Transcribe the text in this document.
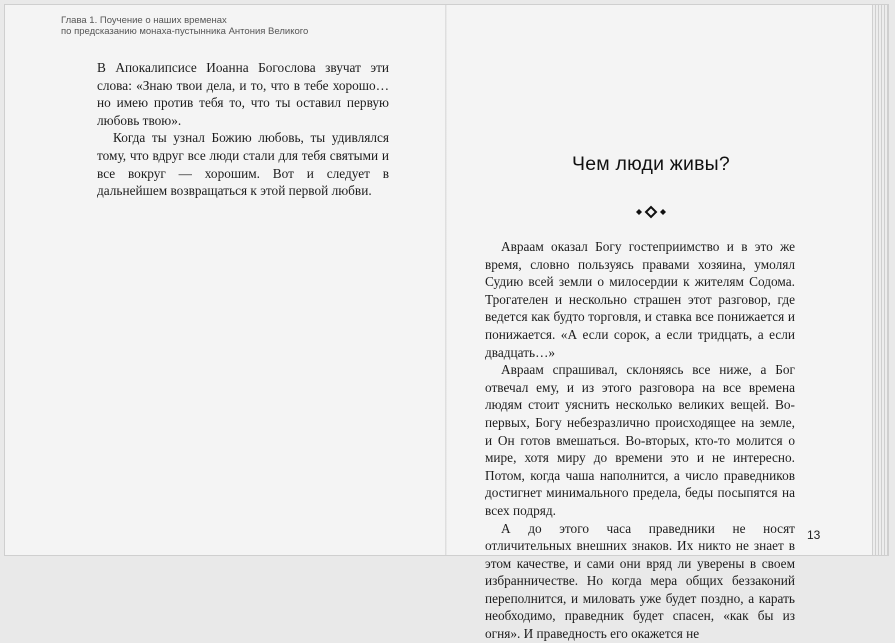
Глава 1. Поучение о наших временах
по предсказанию монаха-пустынника Антония Великого

В Апокалипсисе Иоанна Богослова звучат эти слова: «Знаю твои дела, и то, что в тебе хорошо… но имею против тебя то, что ты оставил первую любовь твою».

Когда ты узнал Божию любовь, ты удивлялся тому, что вдруг все люди стали для тебя святыми и все вокруг — хорошим. Вот и следует в дальнейшем возвращаться к этой первой любви.

Чем люди живы?

Авраам оказал Богу гостеприимство и в это же время, словно пользуясь правами хозяина, умолял Судию всей земли о милосердии к жителям Содома. Трогателен и нескольно страшен этот разговор, где ведется как будто торговля, и ставка все понижается и понижается. «А если сорок, а если тридцать, а если двадцать…»

Авраам спрашивал, склоняясь все ниже, а Бог отвечал ему, и из этого разговора на все времена людям стоит уяснить несколько великих вещей. Во-первых, Богу небезразлично происходящее на земле, и Он готов вмешаться. Во-вторых, кто-то молится о мире, хотя миру до времени это и не интересно. Потом, когда чаша наполнится, а число праведников достигнет минимального предела, беды посыпятся на всех подряд.

А до этого часа праведники не носят отличительных внешних знаков. Их никто не знает в этом качестве, и сами они вряд ли уверены в своем избранничестве. Но когда мера общих беззаконий переполнится, и миловать уже будет поздно, а карать необходимо, праведник будет спасен, «как бы из огня». И праведность его окажется не

13
